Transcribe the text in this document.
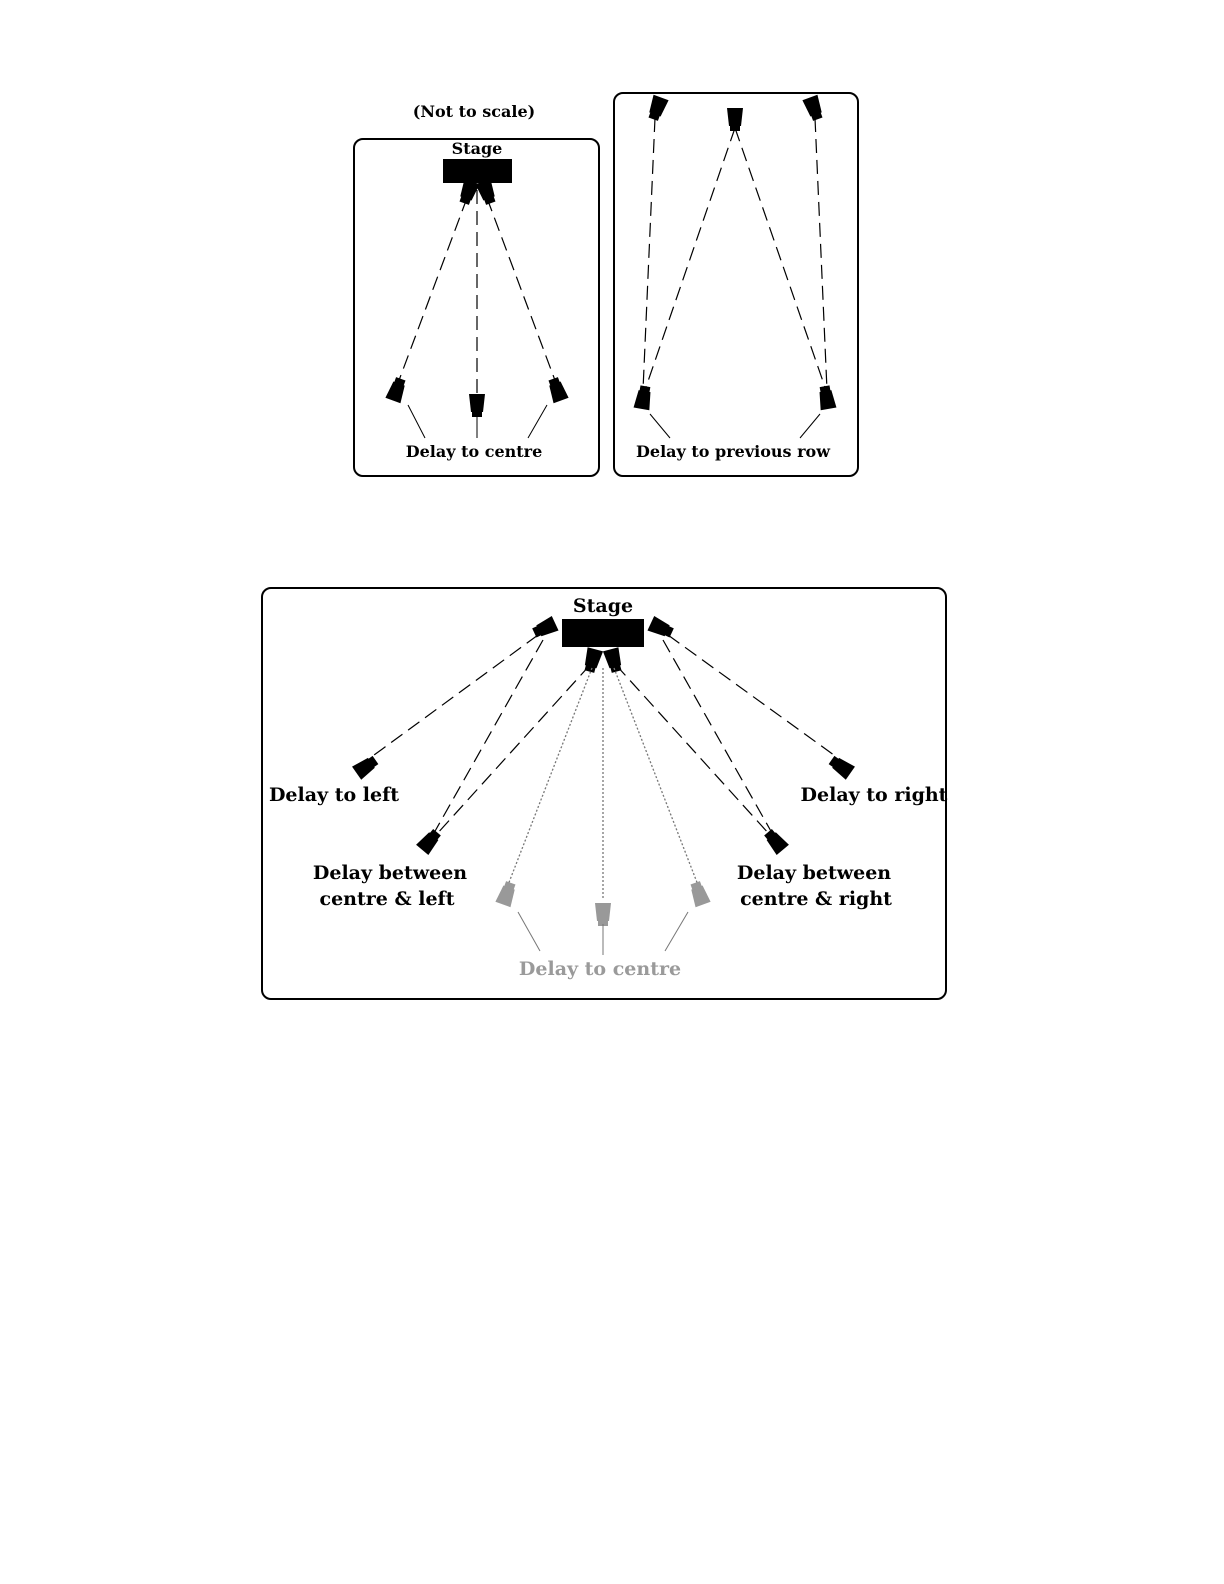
(Not to scale)
Stage
Delay to centre	Delay to previous row
Stage
Delay to left	Delay to right
Delay between
centre & left
Delay between
centre & right
Delay to centre
